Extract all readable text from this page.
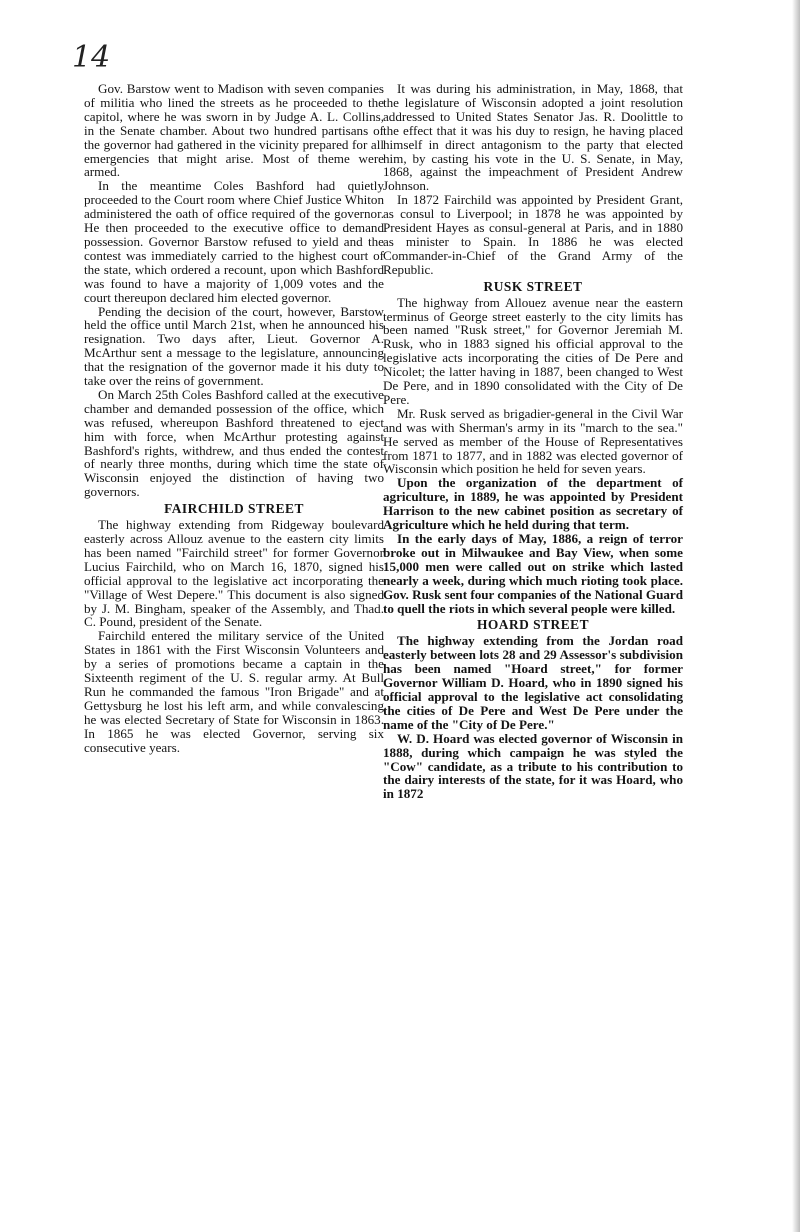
14

Gov. Barstow went to Madison with seven companies of militia who lined the streets as he proceeded to the capitol, where he was sworn in by Judge A. L. Collins, in the Senate chamber. About two hundred partisans of the governor had gathered in the vicinity prepared for all emergencies that might arise. Most of theme were armed.

In the meantime Coles Bashford had quietly proceeded to the Court room where Chief Justice Whiton administered the oath of office required of the governor. He then proceeded to the executive office to demand possession. Governor Barstow refused to yield and the contest was immediately carried to the highest court of the state, which ordered a recount, upon which Bashford was found to have a majority of 1,009 votes and the court thereupon declared him elected governor.

Pending the decision of the court, however, Barstow held the office until March 21st, when he announced his resignation. Two days after, Lieut. Governor A. McArthur sent a message to the legislature, announcing that the resignation of the governor made it his duty to take over the reins of government.

On March 25th Coles Bashford called at the executive chamber and demanded possession of the office, which was refused, whereupon Bashford threatened to eject him with force, when McArthur protesting against Bashford's rights, withdrew, and thus ended the contest of nearly three months, during which time the state of Wisconsin enjoyed the distinction of having two governors.

FAIRCHILD STREET

The highway extending from Ridgeway boulevard easterly across Allouz avenue to the eastern city limits has been named "Fairchild street" for former Governor Lucius Fairchild, who on March 16, 1870, signed his official approval to the legislative act incorporating the "Village of West Depere." This document is also signed by J. M. Bingham, speaker of the Assembly, and Thad. C. Pound, president of the Senate.

Fairchild entered the military service of the United States in 1861 with the First Wisconsin Volunteers and by a series of promotions became a captain in the Sixteenth regiment of the U. S. regular army. At Bull Run he commanded the famous "Iron Brigade" and at Gettysburg he lost his left arm, and while convalescing he was elected Secretary of State for Wisconsin in 1863. In 1865 he was elected Governor, serving six consecutive years.

It was during his administration, in May, 1868, that the legislature of Wisconsin adopted a joint resolution addressed to United States Senator Jas. R. Doolittle to the effect that it was his duy to resign, he having placed himself in direct antagonism to the party that elected him, by casting his vote in the U. S. Senate, in May, 1868, against the impeachment of President Andrew Johnson.

In 1872 Fairchild was appointed by President Grant, as consul to Liverpool; in 1878 he was appointed by President Hayes as consul-general at Paris, and in 1880 as minister to Spain. In 1886 he was elected Commander-in-Chief of the Grand Army of the Republic.

RUSK STREET

The highway from Allouez avenue near the eastern terminus of George street easterly to the city limits has been named "Rusk street," for Governor Jeremiah M. Rusk, who in 1883 signed his official approval to the legislative acts incorporating the cities of De Pere and Nicolet; the latter having in 1887, been changed to West De Pere, and in 1890 consolidated with the City of De Pere.

Mr. Rusk served as brigadier-general in the Civil War and was with Sherman's army in its "march to the sea." He served as member of the House of Representatives from 1871 to 1877, and in 1882 was elected governor of Wisconsin which position he held for seven years.

Upon the organization of the department of agriculture, in 1889, he was appointed by President Harrison to the new cabinet position as secretary of Agriculture which he held during that term.

In the early days of May, 1886, a reign of terror broke out in Milwaukee and Bay View, when some 15,000 men were called out on strike which lasted nearly a week, during which much rioting took place. Gov. Rusk sent four companies of the National Guard to quell the riots in which several people were killed.

HOARD STREET

The highway extending from the Jordan road easterly between lots 28 and 29 Assessor's subdivision has been named "Hoard street," for former Governor William D. Hoard, who in 1890 signed his official approval to the legislative act consolidating the cities of De Pere and West De Pere under the name of the "City of De Pere."

W. D. Hoard was elected governor of Wisconsin in 1888, during which campaign he was styled the "Cow" candidate, as a tribute to his contribution to the dairy interests of the state, for it was Hoard, who in 1872
